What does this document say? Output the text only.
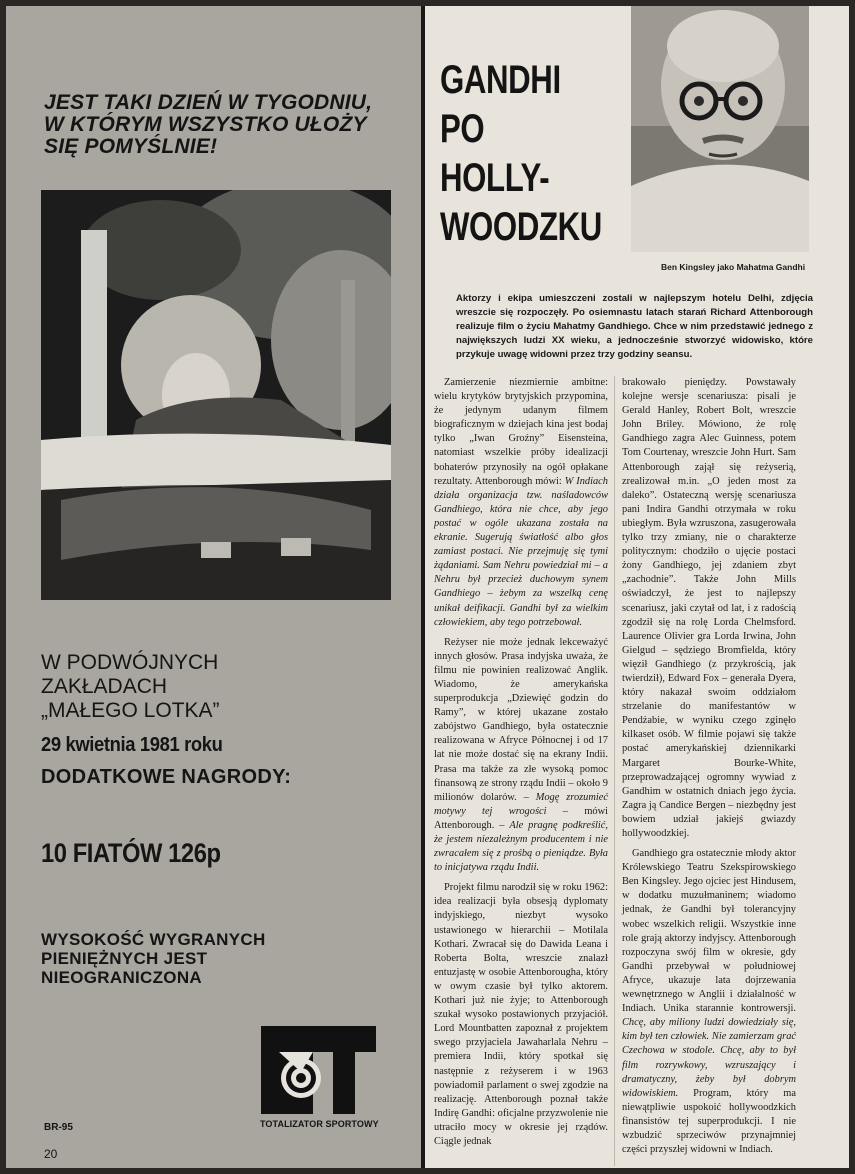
JEST TAKI DZIEŃ W TYGODNIU,
W KTÓRYM WSZYSTKO UŁOŻY
SIĘ POMYŚLNIE!
W PODWÓJNYCH
ZAKŁADACH
„MAŁEGO LOTKA”
29 kwietnia 1981 roku
DODATKOWE NAGRODY:
10 FIATÓW 126p
WYSOKOŚĆ WYGRANYCH
PIENIĘŻNYCH JEST
NIEOGRANICZONA
TOTALIZATOR SPORTOWY
BR-95
20
GANDHI
PO
HOLLY-
WOODZKU
Ben Kingsley jako Mahatma Gandhi
Aktorzy i ekipa umieszczeni zostali w najlepszym hotelu Delhi, zdjęcia wreszcie się rozpoczęły. Po osiemnastu latach starań Richard Attenborough realizuje film o życiu Mahatmy Gandhiego. Chce w nim przedstawić jednego z największych ludzi XX wieku, a jednocześnie stworzyć widowisko, które przykuje uwagę widowni przez trzy godziny seansu.

Zamierzenie niezmiernie ambitne: wielu krytyków brytyjskich przypomina, że jedynym udanym filmem biograficznym w dziejach kina jest bodaj tylko „Iwan Groźny” Eisensteina, natomiast wszelkie próby idealizacji bohaterów przynosiły na ogół opłakane rezultaty. Attenborough mówi: W Indiach działa organizacja tzw. naśladowców Gandhiego, która nie chce, aby jego postać w ogóle ukazana została na ekranie. Sugerują światłość albo głos zamiast postaci. Nie przejmuję się tymi żądaniami. Sam Nehru powiedział mi – a Nehru był przecież duchowym synem Gandhiego – żebym za wszelką cenę unikał deifikacji. Gandhi był za wielkim człowiekiem, aby tego potrzebował.

Reżyser nie może jednak lekceważyć innych głosów. Prasa indyjska uważa, że filmu nie powinien realizować Anglik. Wiadomo, że amerykańska superprodukcja „Dziewięć godzin do Ramy”, w której ukazane zostało zabójstwo Gandhiego, była ostatecznie realizowana w Afryce Północnej i od 17 lat nie może dostać się na ekrany Indii. Prasa ma także za złe wysoką pomoc finansową ze strony rządu Indii – około 9 milionów dolarów. – Mogę zrozumieć motywy tej wrogości – mówi Attenborough. – Ale pragnę podkreślić, że jestem niezależnym producentem i nie zwracałem się z prośbą o pieniądze. Była to inicjatywa rządu Indii.

Projekt filmu narodził się w roku 1962: idea realizacji była obsesją dyplomaty indyjskiego, niezbyt wysoko ustawionego w hierarchii – Motilala Kothari. Zwracał się do Dawida Leana i Roberta Bolta, wreszcie znalazł entuzjastę w osobie Attenborougha, który w owym czasie był tylko aktorem. Kothari już nie żyje; to Attenborough szukał wysoko postawionych przyjaciół. Lord Mountbatten zapoznał z projektem swego przyjaciela Jawaharlala Nehru – premiera Indii, który spotkał się następnie z reżyserem i w 1963 powiadomił parlament o swej zgodzie na realizację. Attenborough poznał także Indirę Gandhi: oficjalne przyzwolenie nie utraciło mocy w okresie jej rządów. Ciągle jednak

brakowało pieniędzy. Powstawały kolejne wersje scenariusza: pisali je Gerald Hanley, Robert Bolt, wreszcie John Briley. Mówiono, że rolę Gandhiego zagra Alec Guinness, potem Tom Courtenay, wreszcie John Hurt. Sam Attenborough zajął się reżyserią, zrealizował m.in. „O jeden most za daleko”. Ostateczną wersję scenariusza pani Indira Gandhi otrzymała w roku ubiegłym. Była wzruszona, zasugerowała tylko trzy zmiany, nie o charakterze politycznym: chodziło o ujęcie postaci żony Gandhiego, jej zdaniem zbyt „zachodnie”. Także John Mills oświadczył, że jest to najlepszy scenariusz, jaki czytał od lat, i z radością zgodził się na rolę Lorda Chelmsford. Laurence Olivier gra Lorda Irwina, John Gielgud – sędziego Bromfielda, który więził Gandhiego (z przykrością, jak twierdził), Edward Fox – generała Dyera, który nakazał swoim oddziałom strzelanie do manifestantów w Pendżabie, w wyniku czego zginęło kilkaset osób. W filmie pojawi się także postać amerykańskiej dziennikarki Margaret Bourke-White, przeprowadzającej ogromny wywiad z Gandhim w ostatnich dniach jego życia. Zagra ją Candice Bergen – niezbędny jest bowiem udział jakiejś gwiazdy hollywoodzkiej.

Gandhiego gra ostatecznie młody aktor Królewskiego Teatru Szekspirowskiego Ben Kingsley. Jego ojciec jest Hindusem, w dodatku muzułmaninem; wiadomo jednak, że Gandhi był tolerancyjny wobec wszelkich religii. Wszystkie inne role grają aktorzy indyjscy. Attenborough rozpoczyna swój film w okresie, gdy Gandhi przebywał w południowej Afryce, ukazuje lata dojrzewania wewnętrznego w Anglii i działalność w Indiach. Unika starannie kontrowersji. Chcę, aby miliony ludzi dowiedziały się, kim był ten człowiek. Nie zamierzam grać Czechowa w stodole. Chcę, aby to był film rozrywkowy, wzruszający i dramatyczny, żeby był dobrym widowiskiem. Program, który ma niewątpliwie uspokoić hollywoodzkich finansistów tej superprodukcji. I nie wzbudzić sprzeciwów przynajmniej części przyszłej widowni w Indiach.
